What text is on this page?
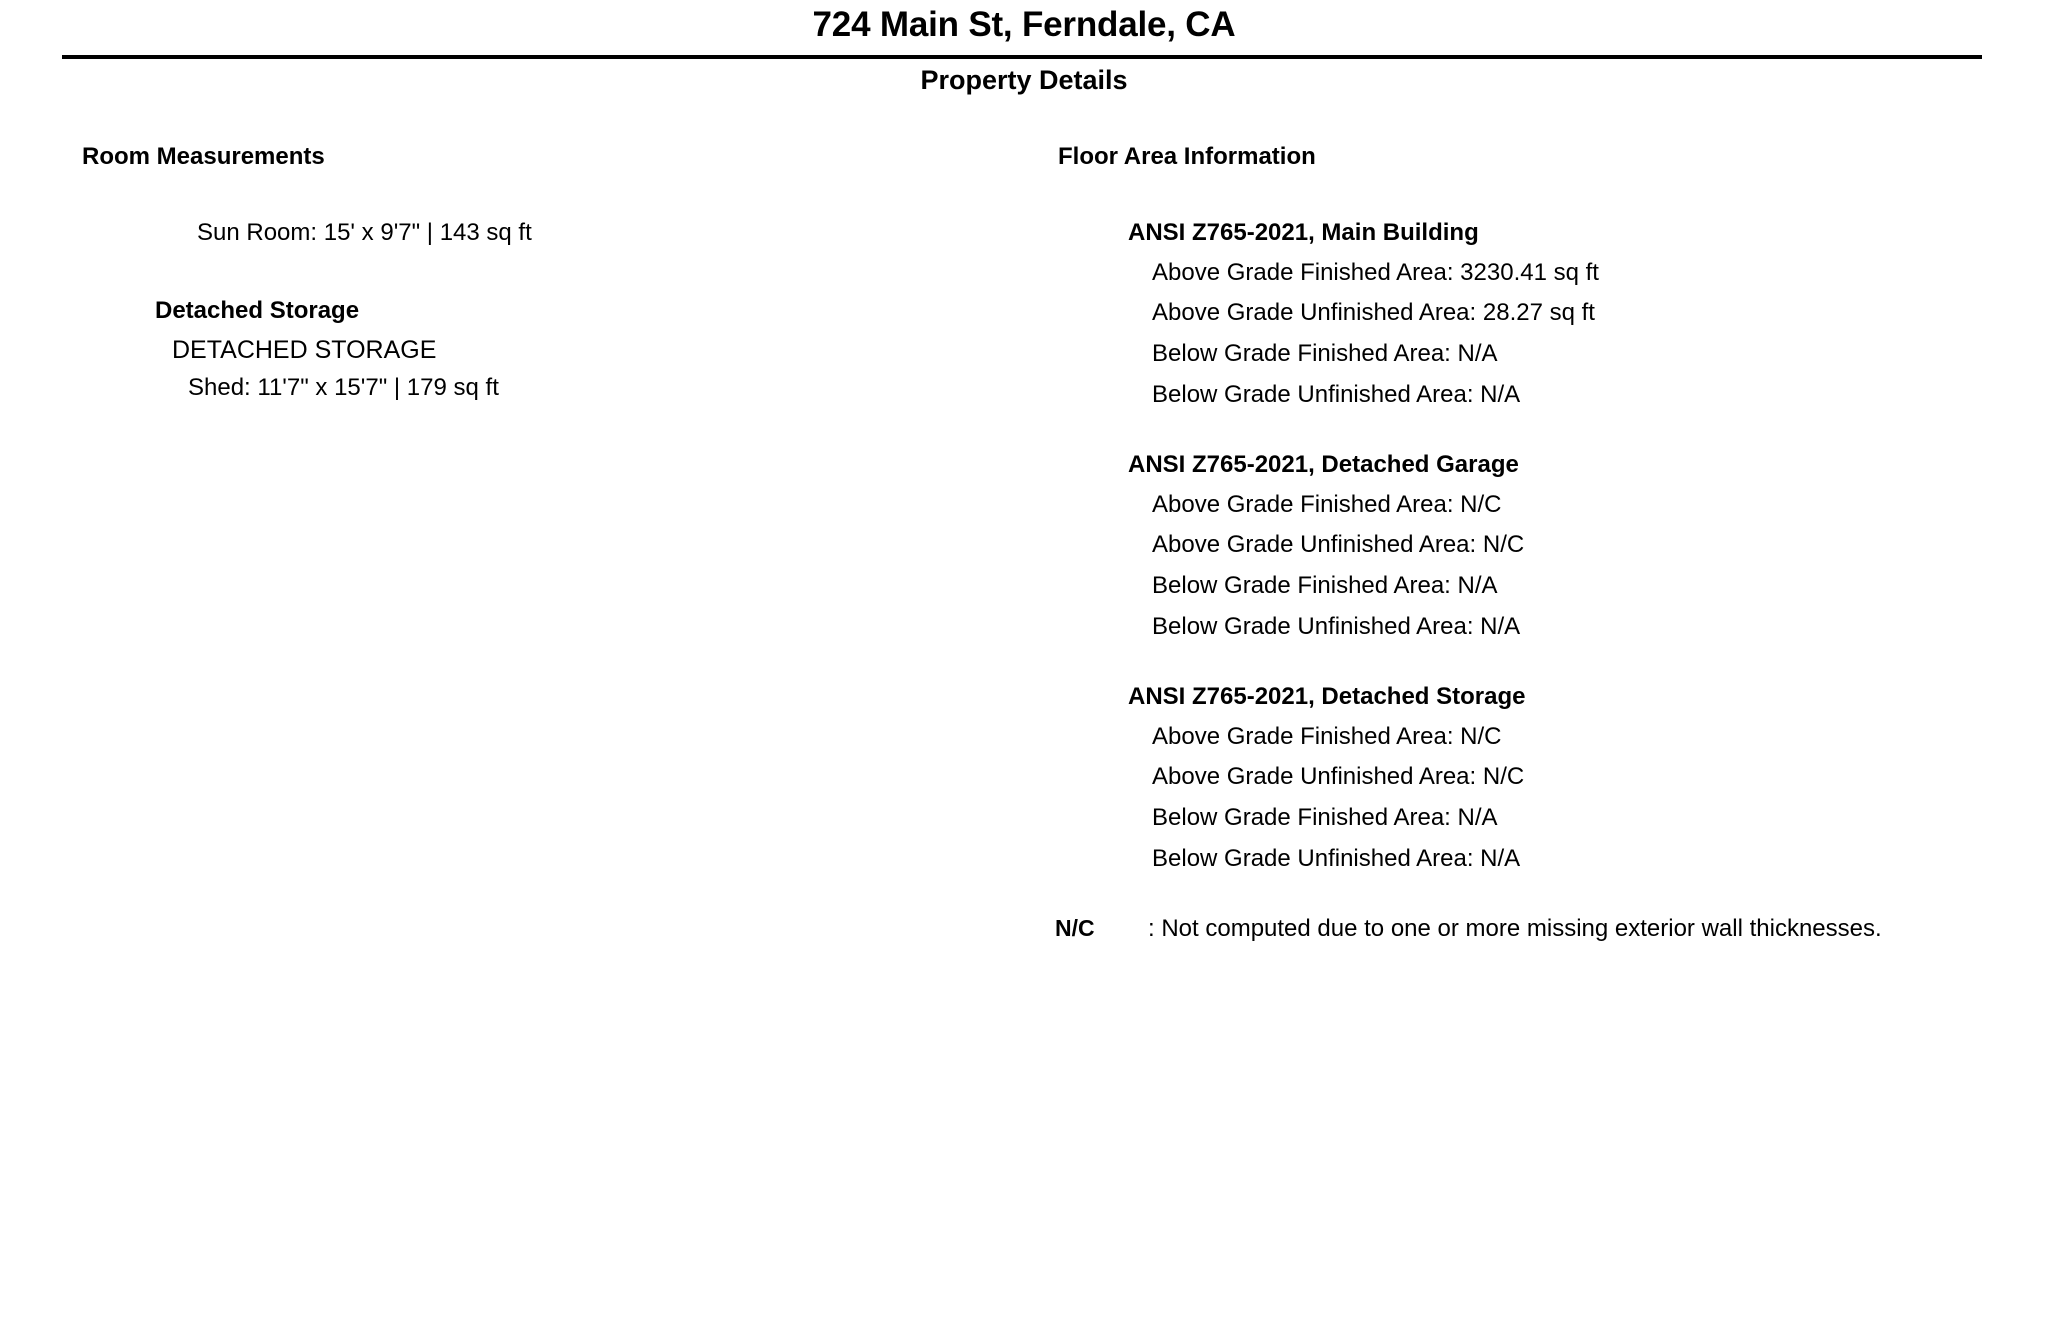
724 Main St, Ferndale, CA
Property Details
Room Measurements
Sun Room: 15' x 9'7" | 143 sq ft
Detached Storage
DETACHED STORAGE
Shed: 11'7" x 15'7" | 179 sq ft
Floor Area Information
ANSI Z765-2021, Main Building
Above Grade Finished Area: 3230.41 sq ft
Above Grade Unfinished Area: 28.27 sq ft
Below Grade Finished Area: N/A
Below Grade Unfinished Area: N/A
ANSI Z765-2021, Detached Garage
Above Grade Finished Area: N/C
Above Grade Unfinished Area: N/C
Below Grade Finished Area: N/A
Below Grade Unfinished Area: N/A
ANSI Z765-2021, Detached Storage
Above Grade Finished Area: N/C
Above Grade Unfinished Area: N/C
Below Grade Finished Area: N/A
Below Grade Unfinished Area: N/A
N/C	: Not computed due to one or more missing exterior wall thicknesses.
